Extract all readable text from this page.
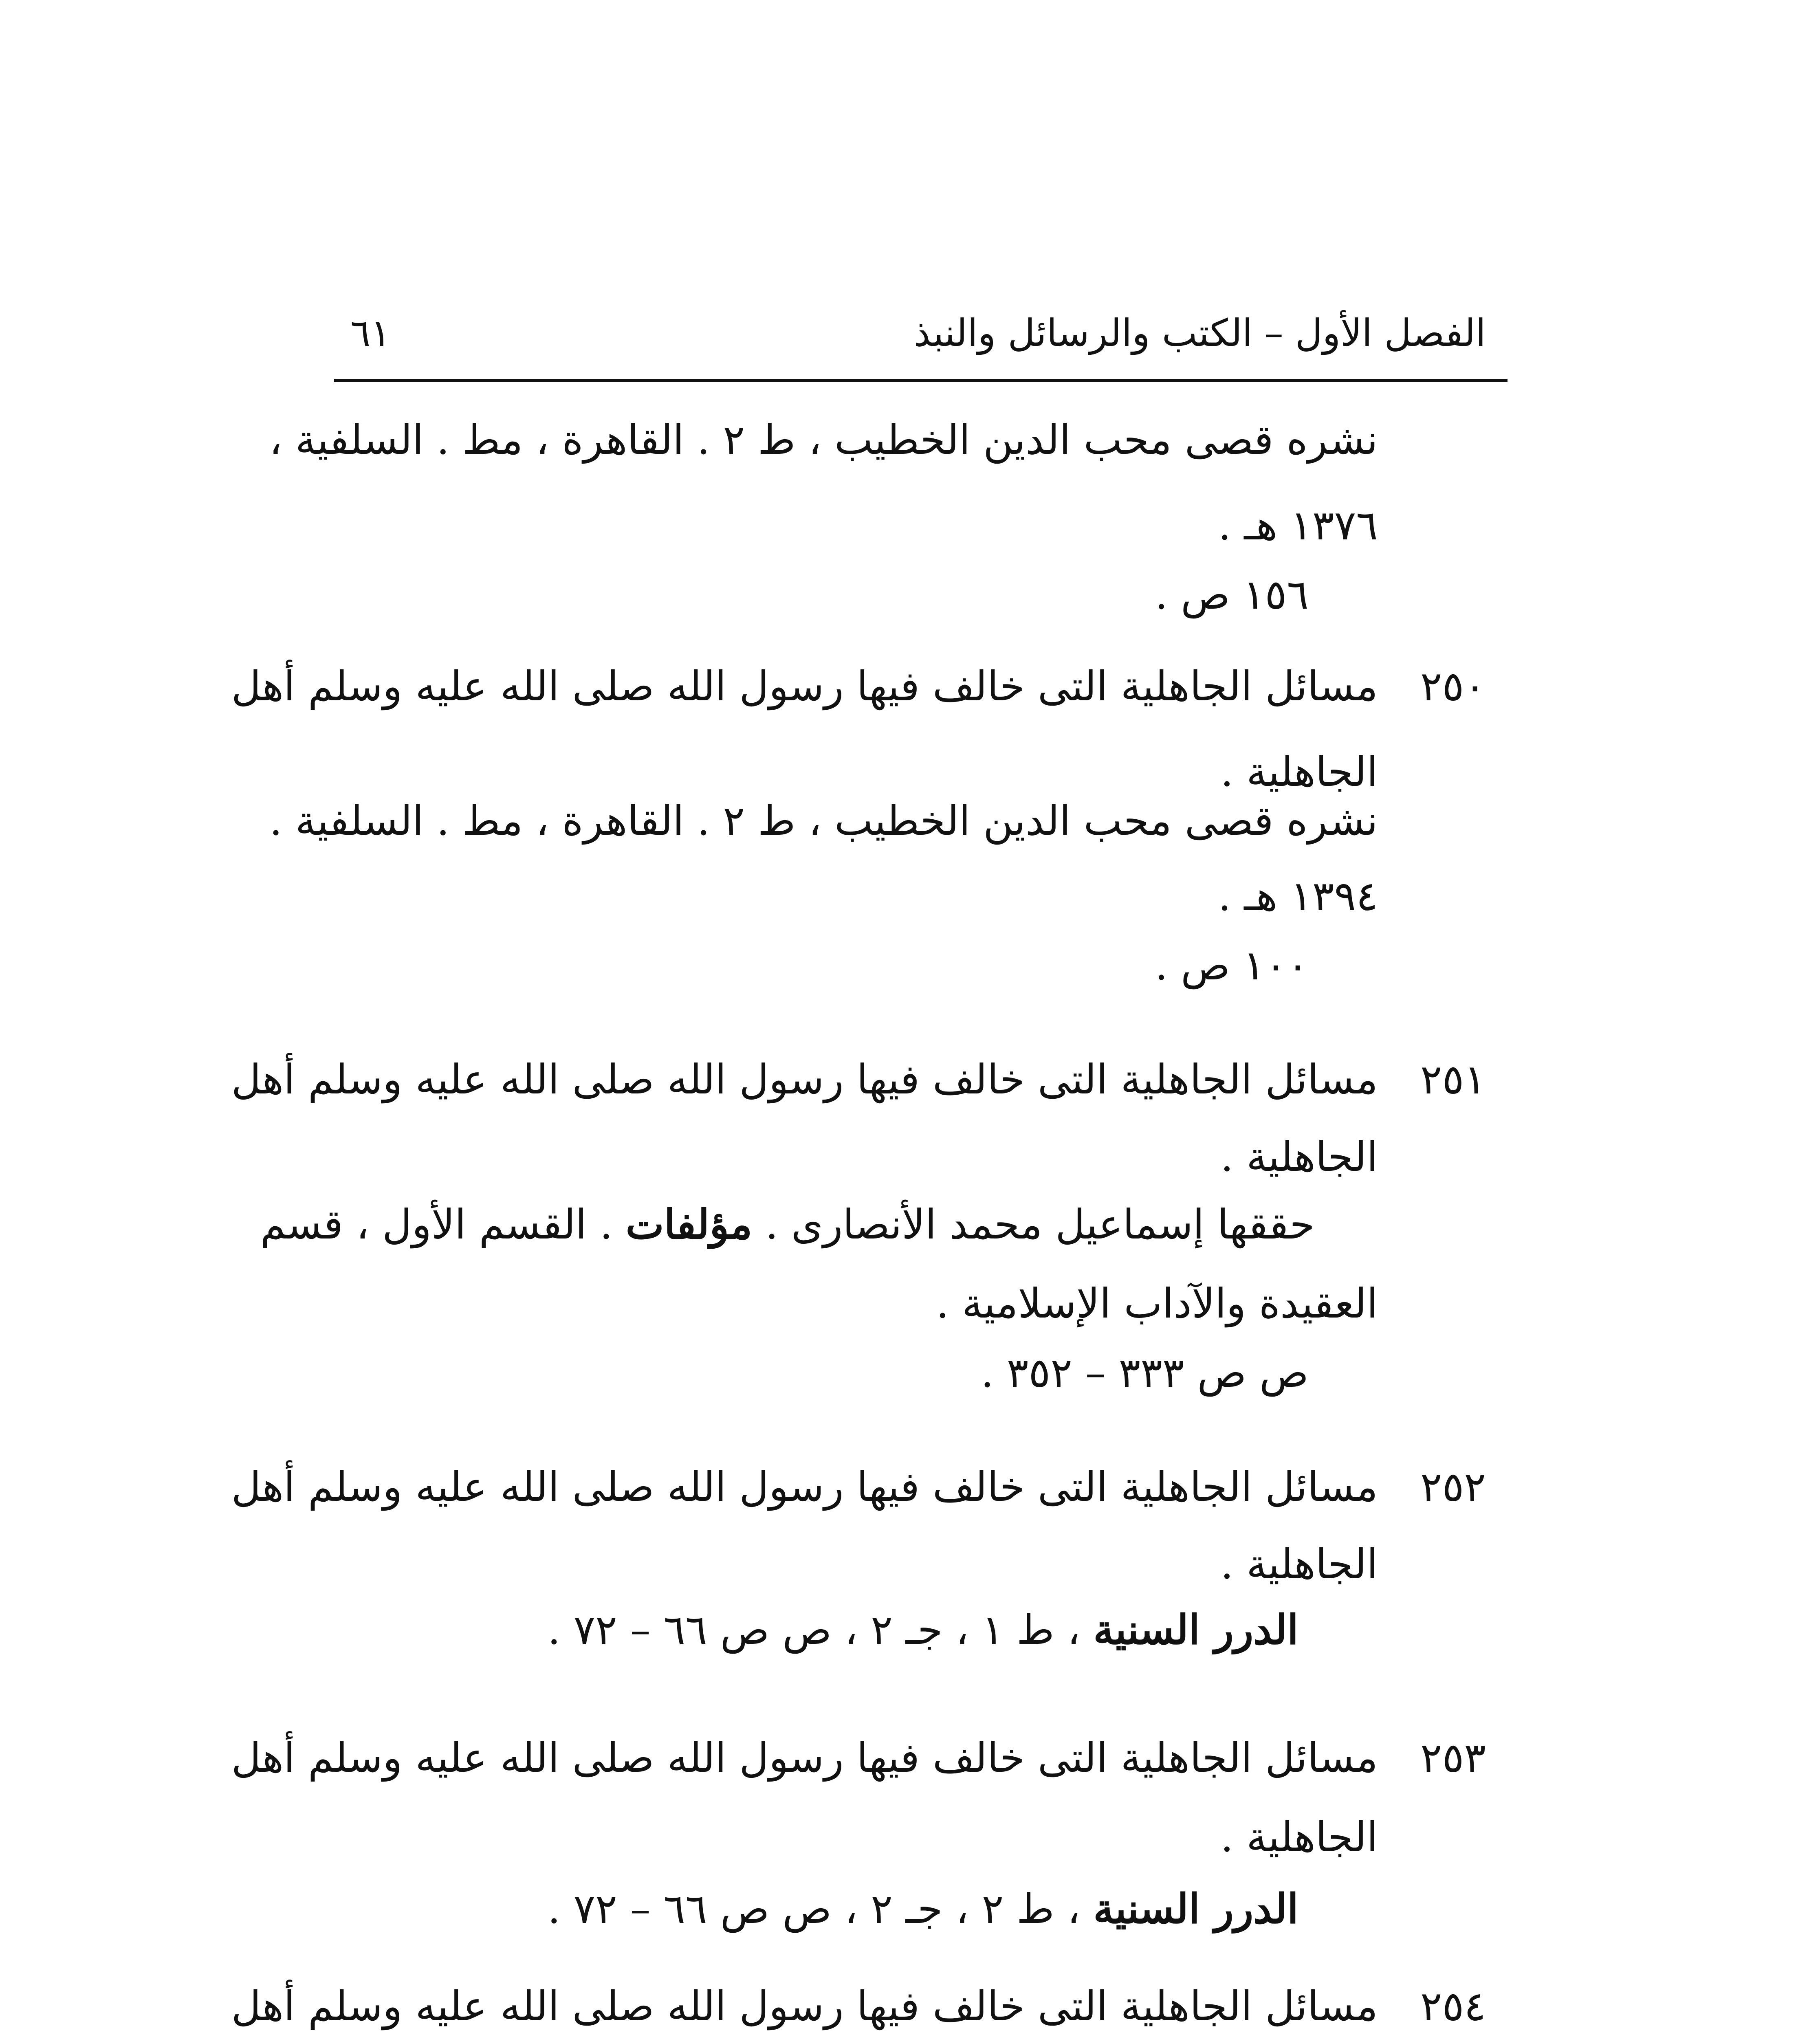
الفصل الأول – الكتب والرسائل والنبذ
٦١
نشره قصى محب الدين الخطيب ، ط ٢ . القاهرة ، مط . السلفية ،
١٣٧٦ هـ .
١٥٦ ص .
٢٥٠
مسائل الجاهلية التى خالف فيها رسول الله صلى الله عليه وسلم أهل
الجاهلية .
نشره قصى محب الدين الخطيب ، ط ٢ . القاهرة ، مط . السلفية .
١٣٩٤ هـ .
١٠٠ ص .
٢٥١
مسائل الجاهلية التى خالف فيها رسول الله صلى الله عليه وسلم أهل
الجاهلية .
حققها إسماعيل محمد الأنصارى . مؤلفات . القسم الأول ، قسم
العقيدة والآداب الإسلامية .
ص ص ٣٣٣ – ٣٥٢ .
٢٥٢
مسائل الجاهلية التى خالف فيها رسول الله صلى الله عليه وسلم أهل
الجاهلية .
الدرر السنية ، ط ١ ، جـ ٢ ، ص ص ٦٦ – ٧٢ .
٢٥٣
مسائل الجاهلية التى خالف فيها رسول الله صلى الله عليه وسلم أهل
الجاهلية .
الدرر السنية ، ط ٢ ، جـ ٢ ، ص ص ٦٦ – ٧٢ .
٢٥٤
مسائل الجاهلية التى خالف فيها رسول الله صلى الله عليه وسلم أهل
